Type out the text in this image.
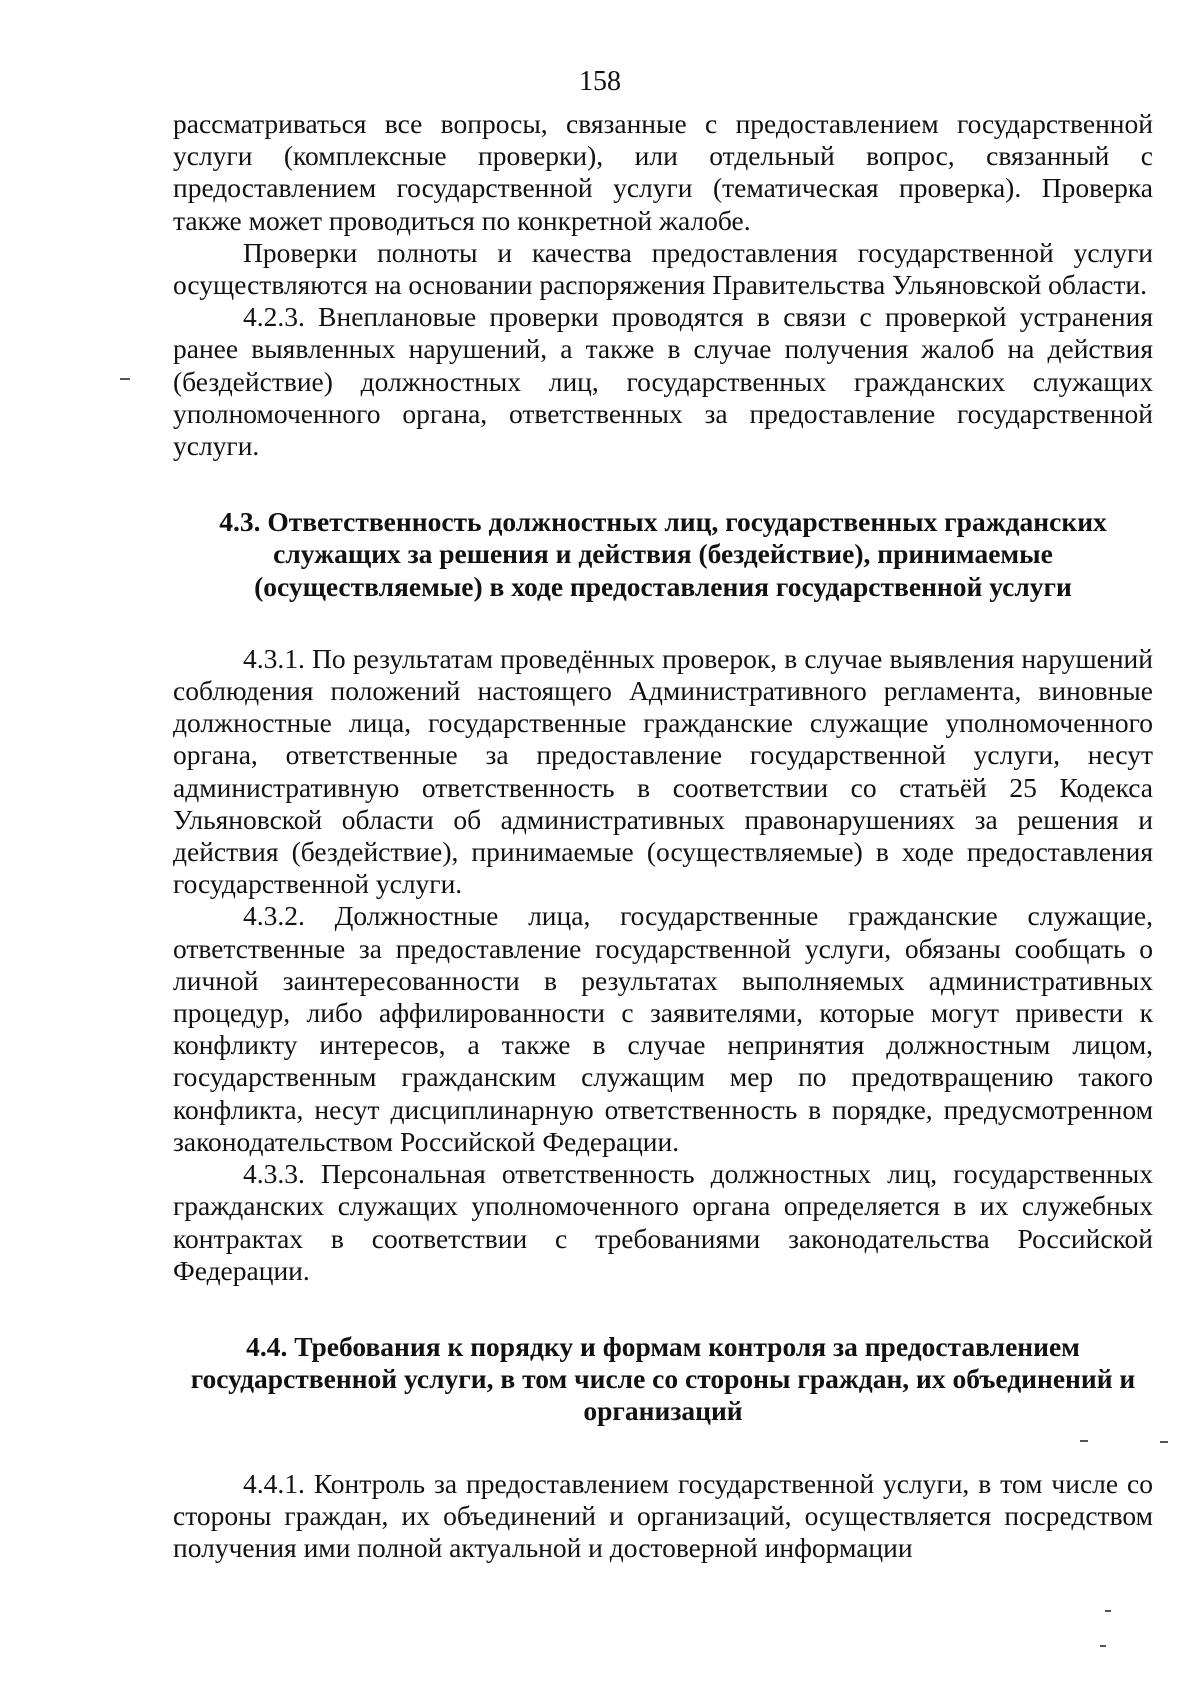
158

рассматриваться все вопросы, связанные с предоставлением государственной услуги (комплексные проверки), или отдельный вопрос, связанный с предоставлением государственной услуги (тематическая проверка). Проверка также может проводиться по конкретной жалобе.

Проверки полноты и качества предоставления государственной услуги осуществляются на основании распоряжения Правительства Ульяновской области.

4.2.3. Внеплановые проверки проводятся в связи с проверкой устранения ранее выявленных нарушений, а также в случае получения жалоб на действия (бездействие) должностных лиц, государственных гражданских служащих уполномоченного органа, ответственных за предоставление государственной услуги.

4.3. Ответственность должностных лиц, государственных гражданских служащих за решения и действия (бездействие), принимаемые (осуществляемые) в ходе предоставления государственной услуги

4.3.1. По результатам проведённых проверок, в случае выявления нарушений соблюдения положений настоящего Административного регламента, виновные должностные лица, государственные гражданские служащие уполномоченного органа, ответственные за предоставление государственной услуги, несут административную ответственность в соответствии со статьёй 25 Кодекса Ульяновской области об административных правонарушениях за решения и действия (бездействие), принимаемые (осуществляемые) в ходе предоставления государственной услуги.

4.3.2. Должностные лица, государственные гражданские служащие, ответственные за предоставление государственной услуги, обязаны сообщать о личной заинтересованности в результатах выполняемых административных процедур, либо аффилированности с заявителями, которые могут привести к конфликту интересов, а также в случае непринятия должностным лицом, государственным гражданским служащим мер по предотвращению такого конфликта, несут дисциплинарную ответственность в порядке, предусмотренном законодательством Российской Федерации.

4.3.3. Персональная ответственность должностных лиц, государственных гражданских служащих уполномоченного органа определяется в их служебных контрактах в соответствии с требованиями законодательства Российской Федерации.

4.4. Требования к порядку и формам контроля за предоставлением государственной услуги, в том числе со стороны граждан, их объединений и организаций

4.4.1. Контроль за предоставлением государственной услуги, в том числе со стороны граждан, их объединений и организаций, осуществляется посредством получения ими полной актуальной и достоверной информации
